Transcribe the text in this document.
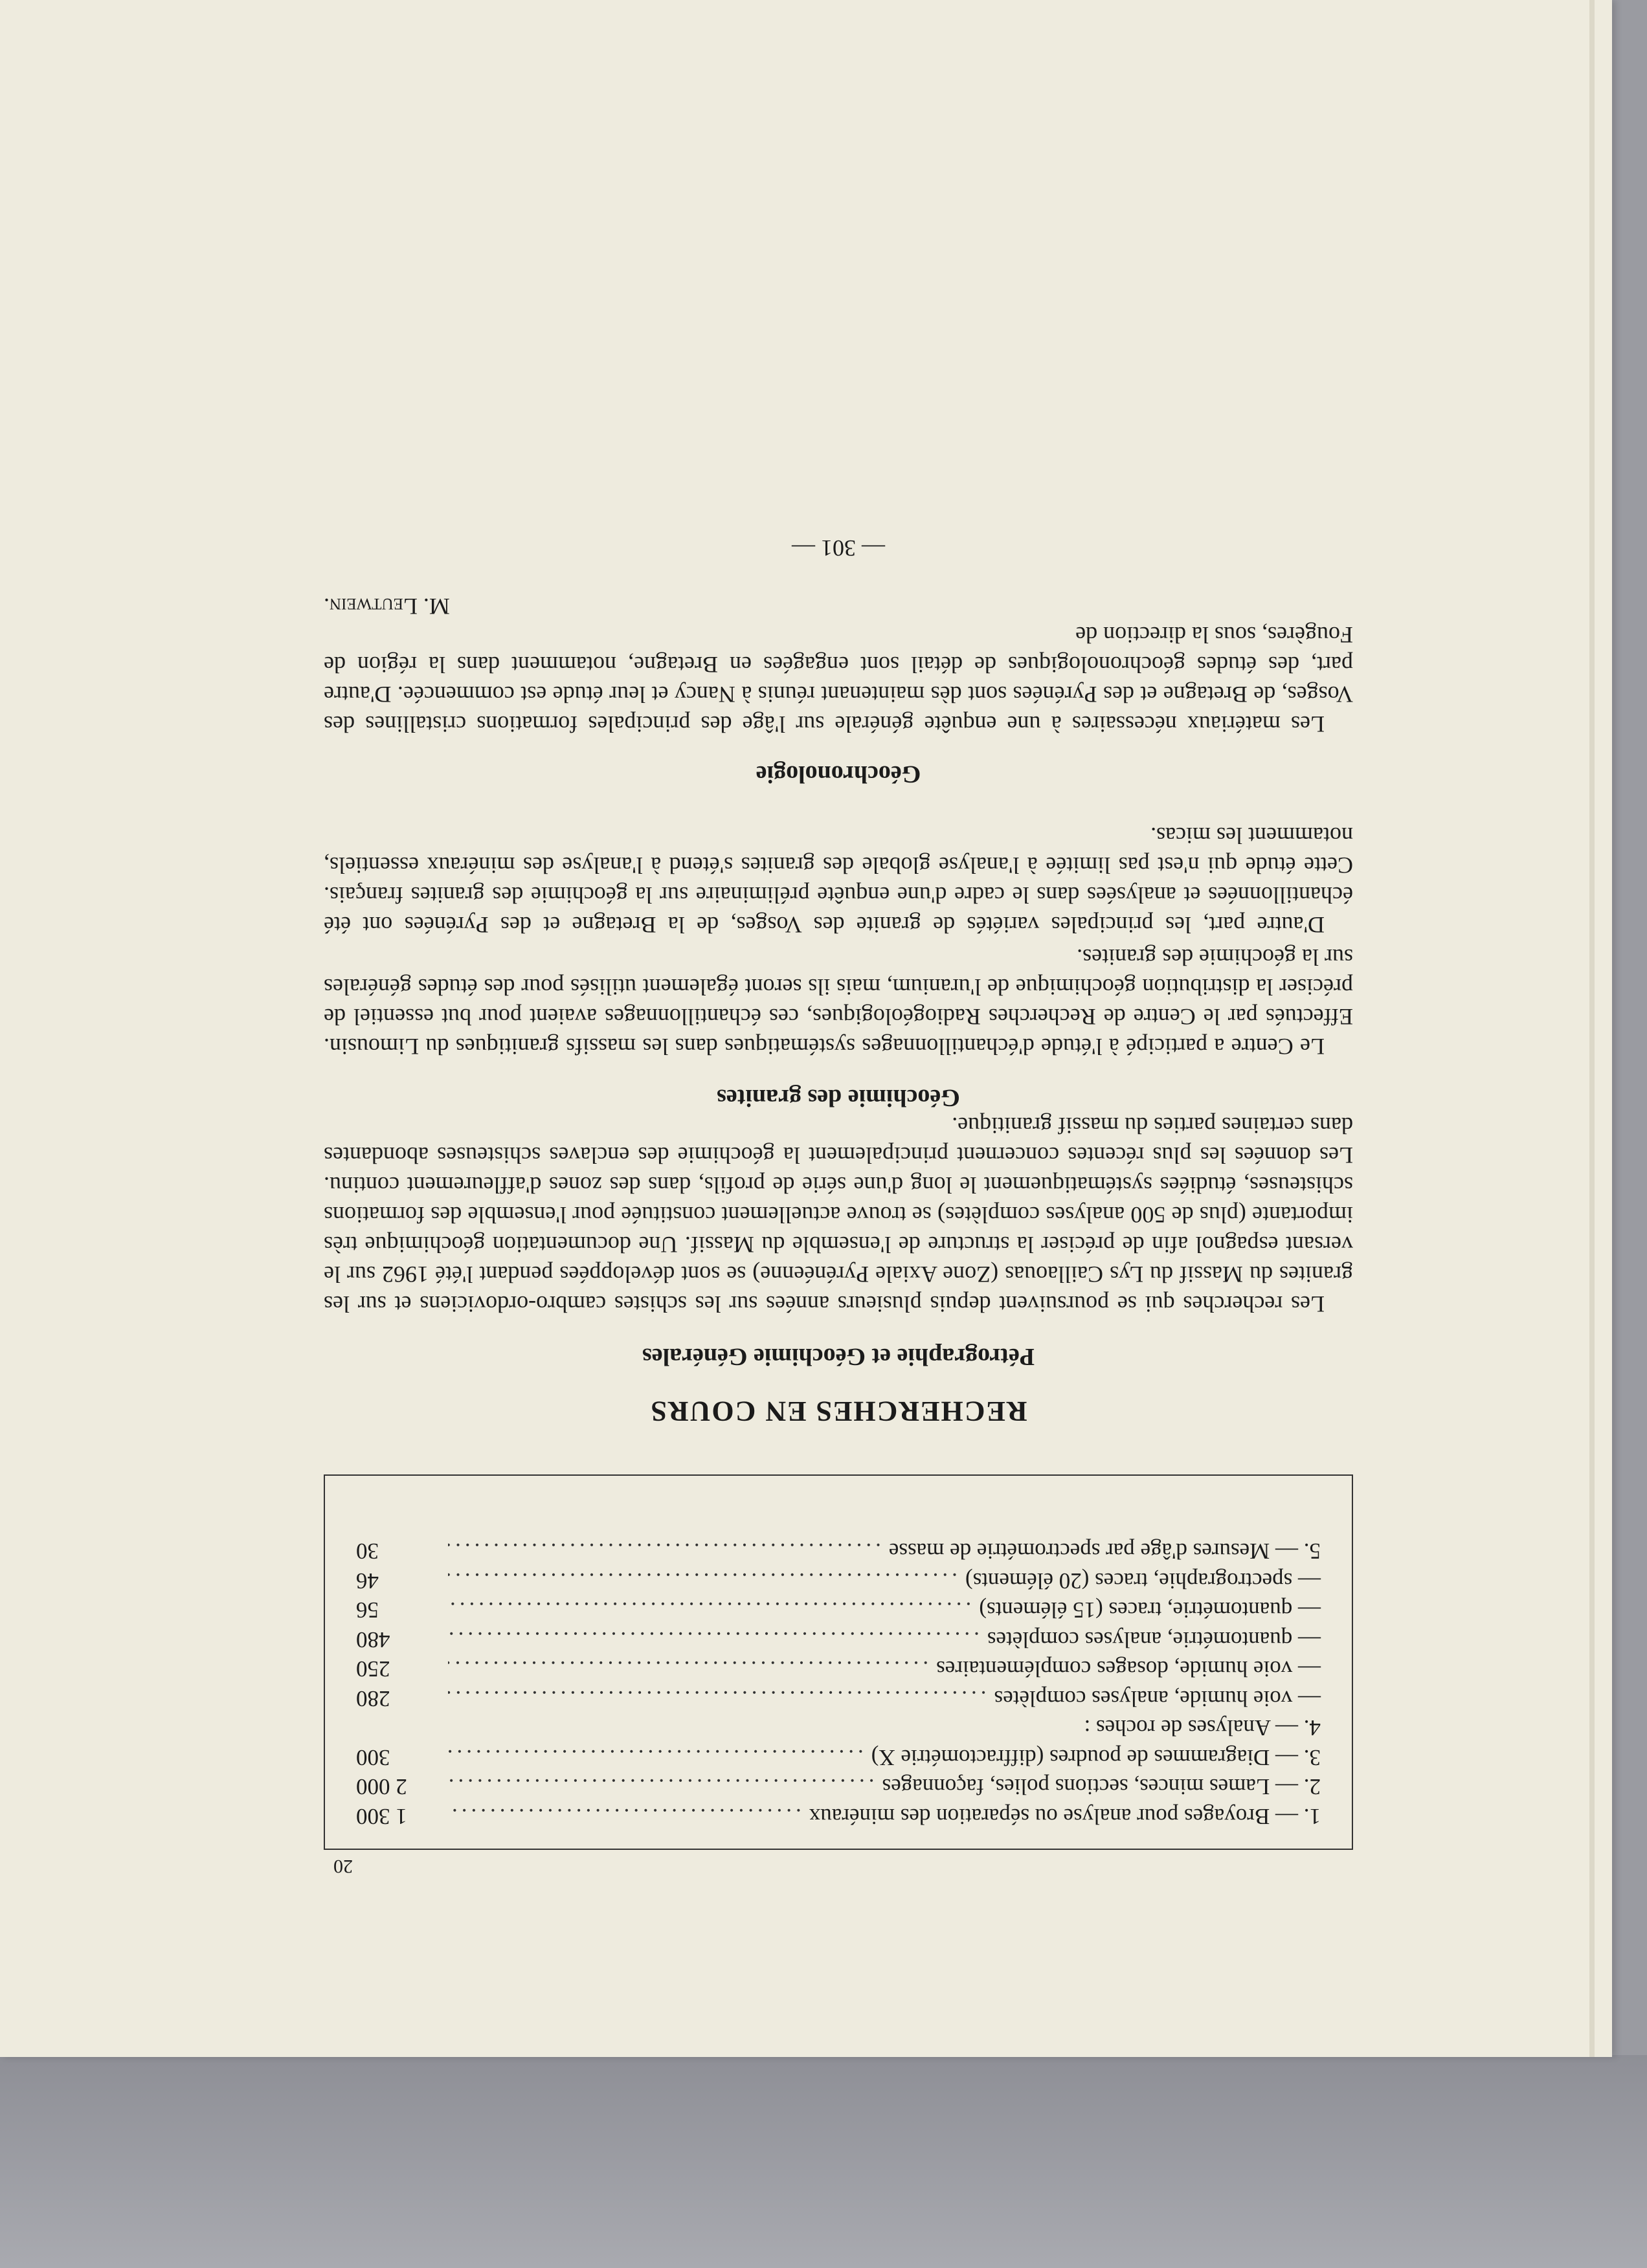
20
1. — Broyages pour analyse ou séparation des minéraux
.....
1 300
2. — Lames minces, sections polies, façonnages
.....
2 000
3. — Diagrammes de poudres (diffractométrie X)
.....
300
4. — Analyses de roches :
— voie humide, analyses complètes
.....
280
— voie humide, dosages complémentaires
.....
250
— quantométrie, analyses complètes
.....
480
— quantométrie, traces (15 éléments)
.....
56
— spectrographie, traces (20 éléments)
.....
46
5. — Mesures d'âge par spectrométrie de masse
.....
30
RECHERCHES EN COURS
Pétrographie et Géochimie Générales

Les recherches qui se poursuivent depuis plusieurs années sur les schistes cambro-ordoviciens et sur les granites du Massif du Lys Caillaouas (Zone Axiale Pyrénéenne) se sont développées pendant l'été 1962 sur le versant espagnol afin de préciser la structure de l'ensemble du Massif. Une documentation géochimique très importante (plus de 500 analyses complètes) se trouve actuellement constituée pour l'ensemble des formations schisteuses, étudiées systématiquement le long d'une série de profils, dans des zones d'affleurement continu. Les données les plus récentes concernent principalement la géochimie des enclaves schisteuses abondantes dans certaines parties du massif granitique.

Géochimie des granites

Le Centre a participé à l'étude d'échantillonnages systématiques dans les massifs granitiques du Limousin. Effectués par le Centre de Recherches Radiogéologiques, ces échantillonnages avaient pour but essentiel de préciser la distribution géochimique de l'uranium, mais ils seront également utilisés pour des études générales sur la géochimie des granites.

D'autre part, les principales variétés de granite des Vosges, de la Bretagne et des Pyrénées ont été échantillonnées et analysées dans le cadre d'une enquête préliminaire sur la géochimie des granites français. Cette étude qui n'est pas limitée à l'analyse globale des granites s'étend à l'analyse des minéraux essentiels, notamment les micas.

Géochronologie

Les matériaux nécessaires à une enquête générale sur l'âge des principales formations cristallines des Vosges, de Bretagne et des Pyrénées sont dès maintenant réunis à Nancy et leur étude est commencée. D'autre part, des études géochronologiques de détail sont engagées en Bretagne, notamment dans la région de Fougères, sous la direction de

M. Leutwein.
— 301 —
